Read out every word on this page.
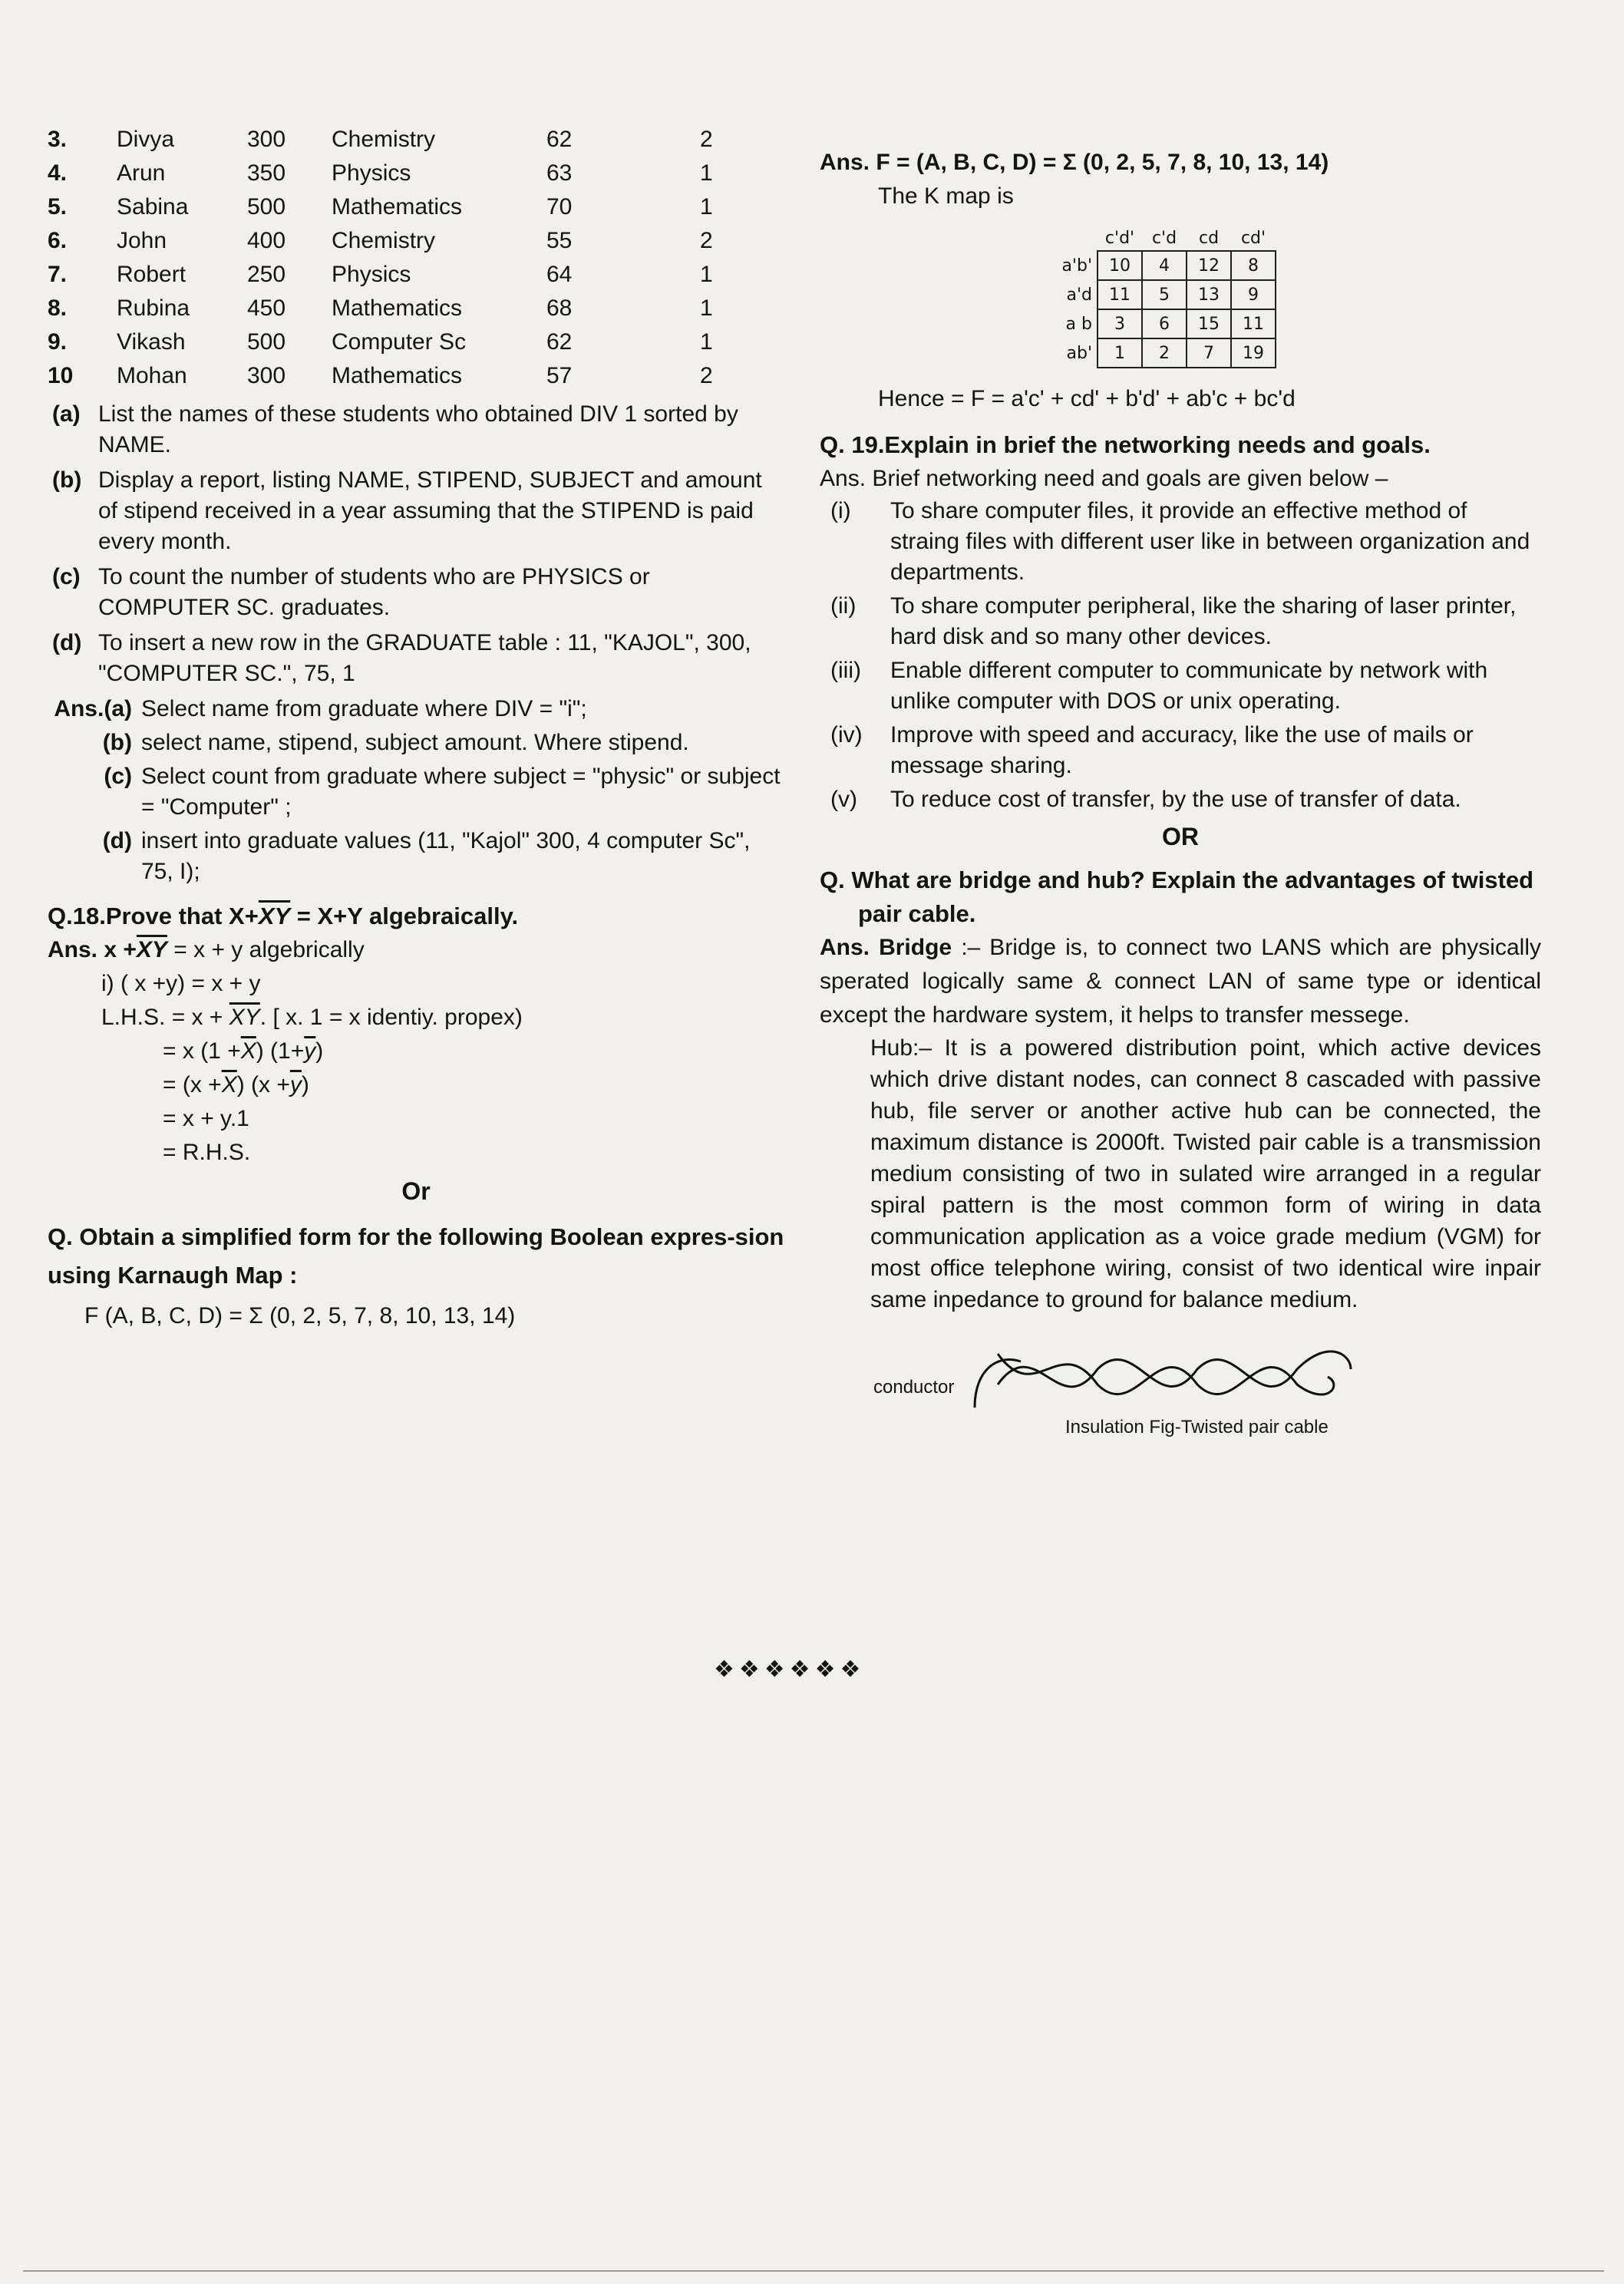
3.	Divya	300	Chemistry	62	2
4.	Arun	350	Physics	63	1
5.	Sabina	500	Mathematics	70	1
6.	John	400	Chemistry	55	2
7.	Robert	250	Physics	64	1
8.	Rubina	450	Mathematics	68	1
9.	Vikash	500	Computer Sc	62	1
10	Mohan	300	Mathematics	57	2
(a) List the names of these students who obtained DIV 1 sorted by NAME.
(b) Display a report, listing NAME, STIPEND, SUBJECT and amount of stipend received in a year assuming that the STIPEND is paid every month.
(c) To count the number of students who are PHYSICS or COMPUTER SC. graduates.
(d) To insert a new row in the GRADUATE table : 11, "KAJOL", 300, "COMPUTER SC.", 75, 1
Ans.(a) Select name from graduate where DIV = "i";
(b) select name, stipend, subject amount. Where stipend.
(c) Select count from graduate where subject = "physic" or subject = "Computer" ;
(d) insert into graduate values (11, "Kajol" 300, 4 computer Sc", 75, I);
Q.18.Prove that $X+\overline{XY} = X+Y$ algebraically.
Ans. $x +\overline{XY} = x + y$ algebrically
i) ( x +y) = x + y
L.H.S. = $x + \overline{XY}$. [ x. 1 = x identiy. propex)
= x $(1 +\overline{X})$ $(1+\overline{y})$
= $(x +\overline{X})$ $(x +\overline{y})$
= x + y.1
= R.H.S.
Or
Q. Obtain a simplified form for the following Boolean expres-sion using Karnaugh Map :
F (A, B, C, D) = Σ (0, 2, 5, 7, 8, 10, 13, 14)
Ans. F = (A, B, C, D) = Σ (0, 2, 5, 7, 8, 10, 13, 14)
The K map is
	c'd'	c'd	cd	cd'
a'b'	10	4	12	8
a'd	11	5	13	9
a b	3	6	15	11
ab'	1	2	7	19
Hence = F = a'c' + cd' + b'd' + ab'c + bc'd
Q. 19.Explain in brief the networking needs and goals.
Ans. Brief networking need and goals are given below –
(i)	To share computer files, it provide an effective method of straing files with different user like in between organization and departments.
(ii)	To share computer peripheral, like the sharing of laser printer, hard disk and so many other devices.
(iii)	Enable different computer to communicate by network with unlike computer with DOS or unix operating.
(iv)	Improve with speed and accuracy, like the use of mails or message sharing.
(v)	To reduce cost of transfer, by the use of transfer of data.
OR
Q. What are bridge and hub? Explain the advantages of twisted pair cable.
Ans. Bridge :– Bridge is, to connect two LANS which are physically sperated logically same & connect LAN of same type or identical except the hardware system, it helps to transfer messege.
Hub:– It is a powered distribution point, which active devices which drive distant nodes, can connect 8 cascaded with passive hub, file server or another active hub can be connected, the maximum distance is 2000ft. Twisted pair cable is a transmission medium consisting of two in sulated wire arranged in a regular spiral pattern is the most common form of wiring in data communication application as a voice grade medium (VGM) for most office telephone wiring, consist of two identical wire inpair same inpedance to ground for balance medium.
conductor
Insulation Fig-Twisted pair cable
❖❖❖❖❖❖
